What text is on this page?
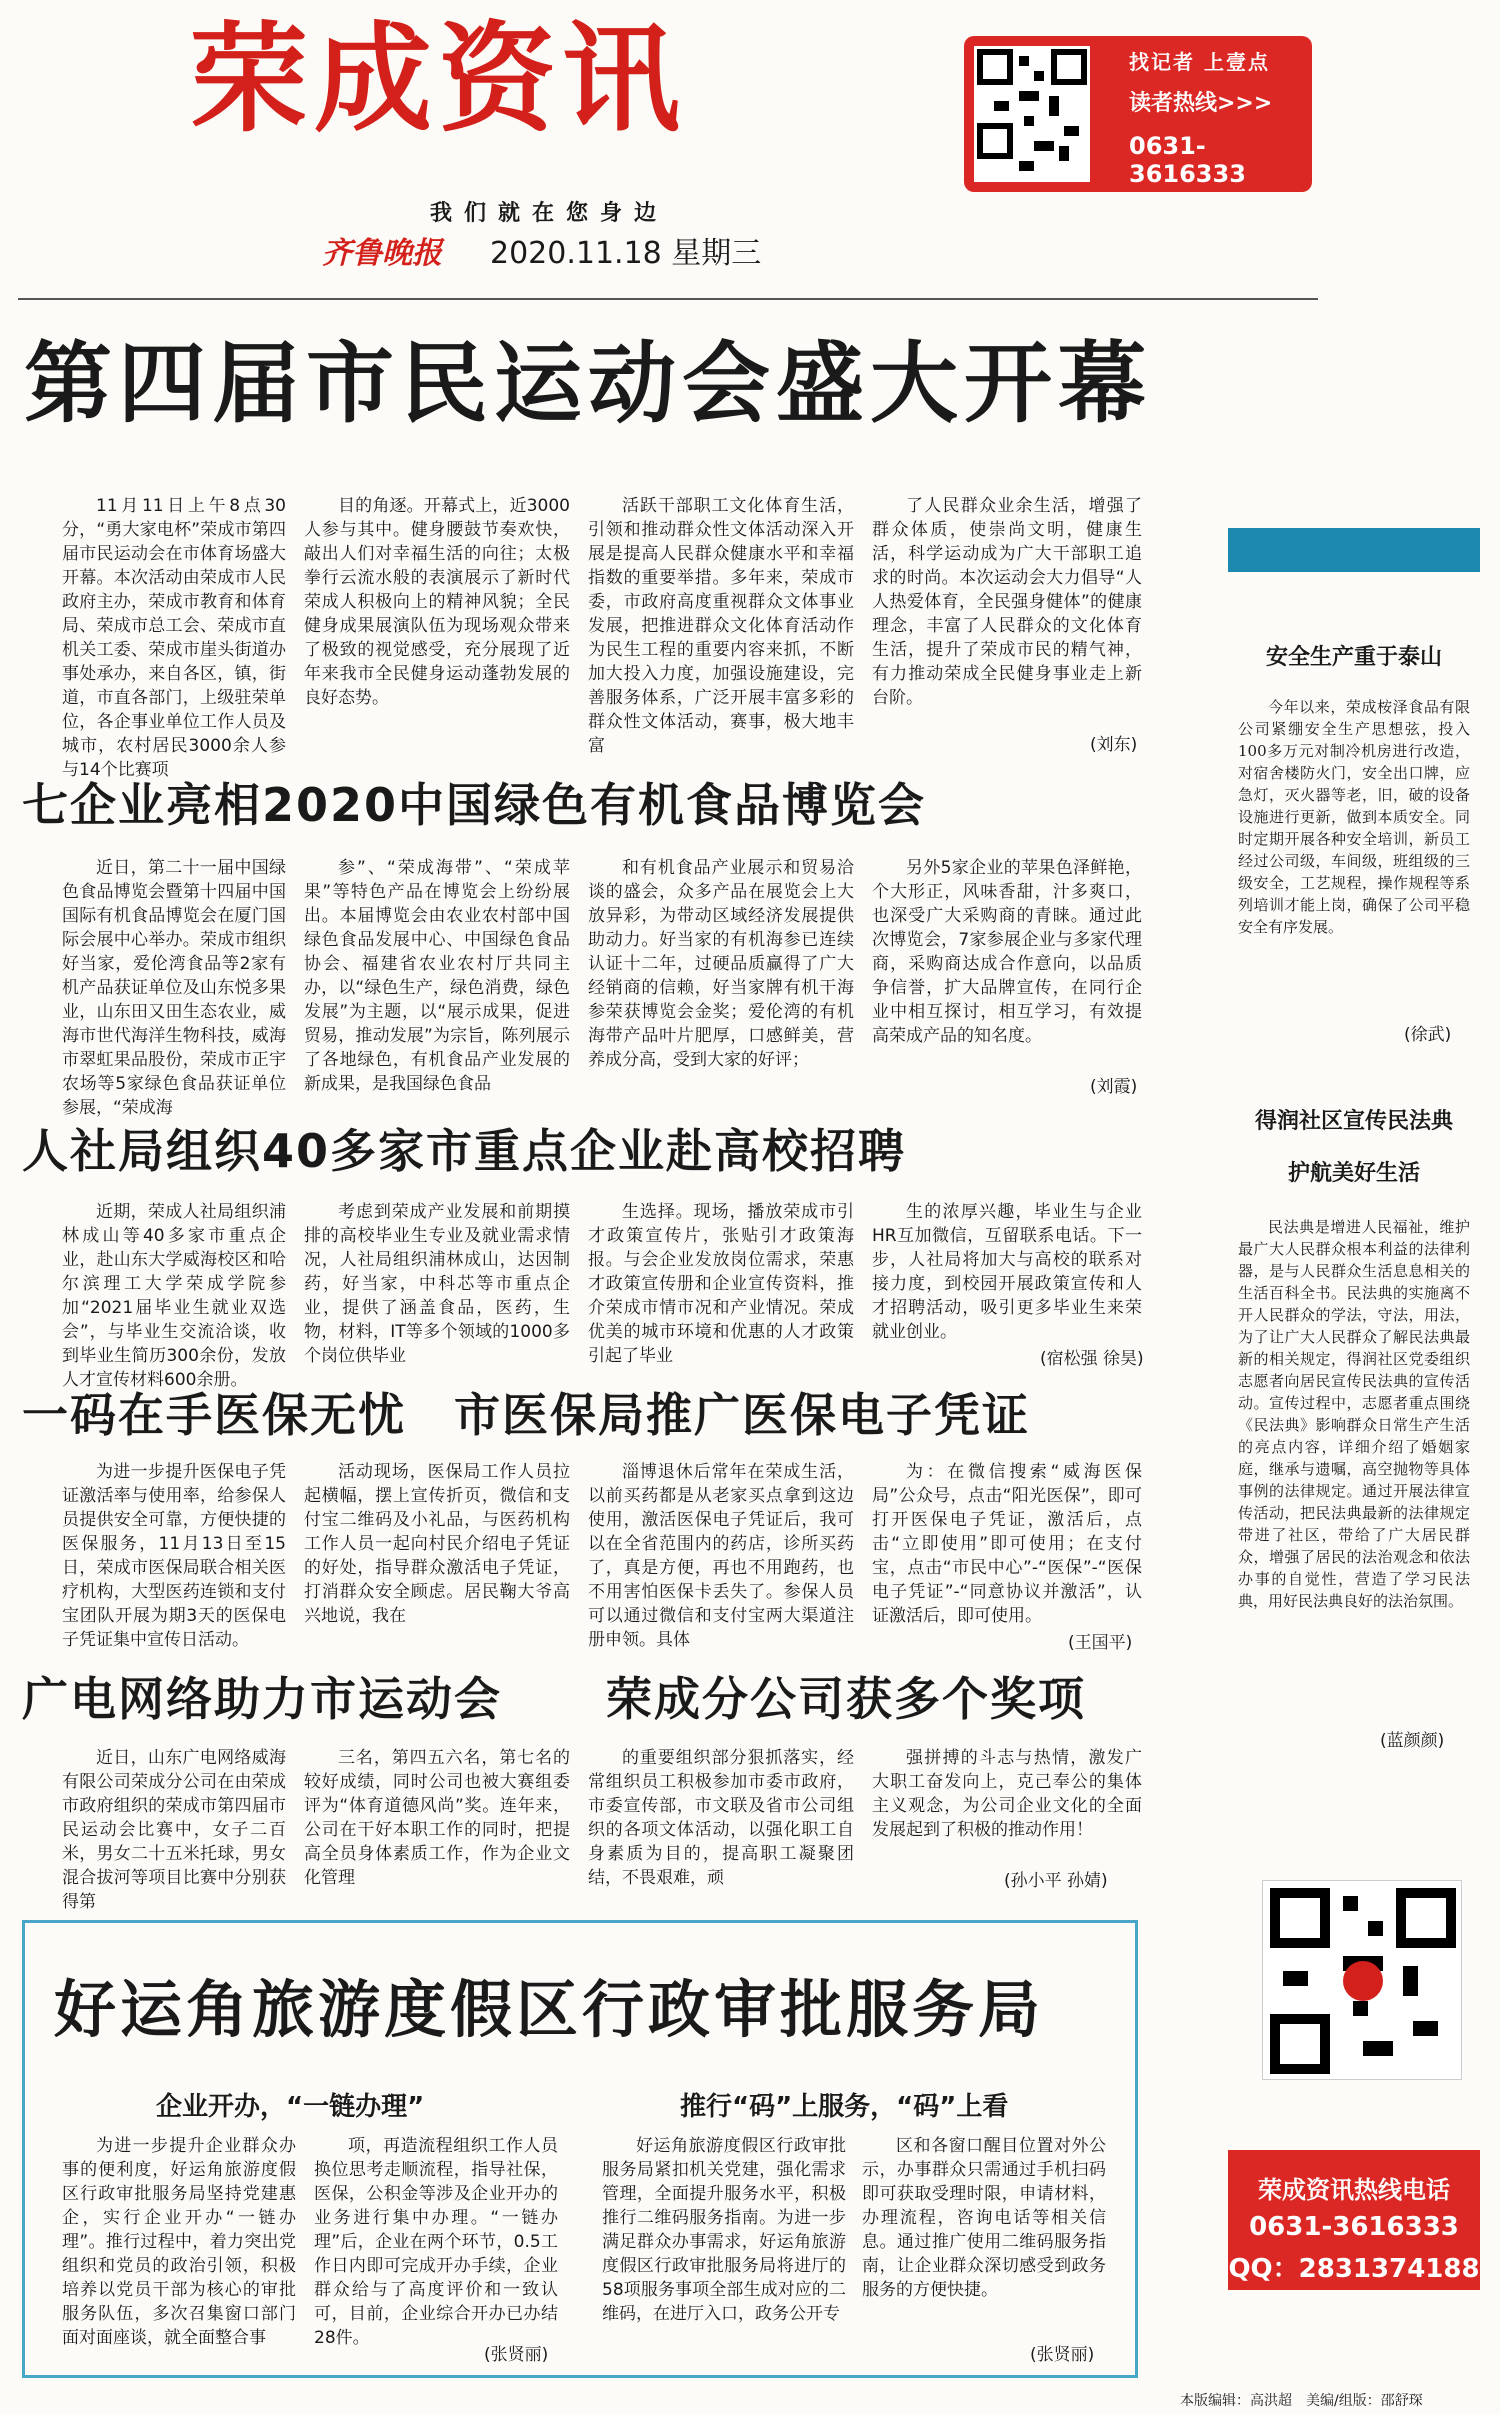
荣成资讯
我们就在您身边
齐鲁晚报 2020.11.18 星期三
找记者 上壹点
读者热线>>>
0631-3616333
第四届市民运动会盛大开幕
11月11日上午8点30分，“勇大家电杯”荣成市第四届市民运动会在市体育场盛大开幕。本次活动由荣成市人民政府主办，荣成市教育和体育局、荣成市总工会、荣成市直机关工委、荣成市崖头街道办事处承办，来自各区，镇，街道，市直各部门，上级驻荣单位，各企事业单位工作人员及城市，农村居民3000余人参与14个比赛项
目的角逐。开幕式上，近3000人参与其中。健身腰鼓节奏欢快，敲出人们对幸福生活的向往；太极拳行云流水般的表演展示了新时代荣成人积极向上的精神风貌；全民健身成果展演队伍为现场观众带来了极致的视觉感受，充分展现了近年来我市全民健身运动蓬勃发展的良好态势。
活跃干部职工文化体育生活，引领和推动群众性文体活动深入开展是提高人民群众健康水平和幸福指数的重要举措。多年来，荣成市委，市政府高度重视群众文体事业发展，把推进群众文化体育活动作为民生工程的重要内容来抓，不断加大投入力度，加强设施建设，完善服务体系，广泛开展丰富多彩的群众性文体活动，赛事，极大地丰富
了人民群众业余生活，增强了群众体质，使崇尚文明，健康生活，科学运动成为广大干部职工追求的时尚。本次运动会大力倡导“人人热爱体育，全民强身健体”的健康理念，丰富了人民群众的文化体育生活，提升了荣成市民的精气神，有力推动荣成全民健身事业走上新台阶。
(刘东)
七企业亮相2020中国绿色有机食品博览会
近日，第二十一届中国绿色食品博览会暨第十四届中国国际有机食品博览会在厦门国际会展中心举办。荣成市组织好当家，爱伦湾食品等2家有机产品获证单位及山东悦多果业，山东田又田生态农业，威海市世代海洋生物科技，威海市翠虹果品股份，荣成市正宇农场等5家绿色食品获证单位参展，“荣成海
参”、“荣成海带”、“荣成苹果”等特色产品在博览会上纷纷展出。本届博览会由农业农村部中国绿色食品发展中心、中国绿色食品协会、福建省农业农村厅共同主办，以“绿色生产，绿色消费，绿色发展”为主题，以“展示成果，促进贸易，推动发展”为宗旨，陈列展示了各地绿色，有机食品产业发展的新成果，是我国绿色食品
和有机食品产业展示和贸易洽谈的盛会，众多产品在展览会上大放异彩，为带动区域经济发展提供助动力。好当家的有机海参已连续认证十二年，过硬品质赢得了广大经销商的信赖，好当家牌有机干海参荣获博览会金奖；爱伦湾的有机海带产品叶片肥厚，口感鲜美，营养成分高，受到大家的好评；
另外5家企业的苹果色泽鲜艳，个大形正，风味香甜，汁多爽口，也深受广大采购商的青睐。通过此次博览会，7家参展企业与多家代理商，采购商达成合作意向，以品质争信誉，扩大品牌宣传，在同行企业中相互探讨，相互学习，有效提高荣成产品的知名度。
(刘霞)
人社局组织40多家市重点企业赴高校招聘
近期，荣成人社局组织浦林成山等40多家市重点企业，赴山东大学威海校区和哈尔滨理工大学荣成学院参加“2021届毕业生就业双选会”，与毕业生交流洽谈，收到毕业生简历300余份，发放人才宣传材料600余册。
考虑到荣成产业发展和前期摸排的高校毕业生专业及就业需求情况，人社局组织浦林成山，达因制药，好当家，中科芯等市重点企业，提供了涵盖食品，医药，生物，材料，IT等多个领域的1000多个岗位供毕业
生选择。现场，播放荣成市引才政策宣传片，张贴引才政策海报。与会企业发放岗位需求，荣惠才政策宣传册和企业宣传资料，推介荣成市情市况和产业情况。荣成优美的城市环境和优惠的人才政策引起了毕业
生的浓厚兴趣，毕业生与企业HR互加微信，互留联系电话。下一步，人社局将加大与高校的联系对接力度，到校园开展政策宣传和人才招聘活动，吸引更多毕业生来荣就业创业。
(宿松强 徐昊)
一码在手医保无忧　市医保局推广医保电子凭证
为进一步提升医保电子凭证激活率与使用率，给参保人员提供安全可靠，方便快捷的医保服务，11月13日至15日，荣成市医保局联合相关医疗机构，大型医药连锁和支付宝团队开展为期3天的医保电子凭证集中宣传日活动。
活动现场，医保局工作人员拉起横幅，摆上宣传折页，微信和支付宝二维码及小礼品，与医药机构工作人员一起向村民介绍电子凭证的好处，指导群众激活电子凭证，打消群众安全顾虑。居民鞠大爷高兴地说，我在
淄博退休后常年在荣成生活，以前买药都是从老家买点拿到这边使用，激活医保电子凭证后，我可以在全省范围内的药店，诊所买药了，真是方便，再也不用跑药，也不用害怕医保卡丢失了。参保人员可以通过微信和支付宝两大渠道注册申领。具体
为：在微信搜索“威海医保局”公众号，点击“阳光医保”，即可打开医保电子凭证，激活后，点击“立即使用”即可使用；在支付宝，点击“市民中心”-“医保”-“医保电子凭证”-“同意协议并激活”，认证激活后，即可使用。
(王国平)
广电网络助力市运动会 荣成分公司获多个奖项
近日，山东广电网络威海有限公司荣成分公司在由荣成市政府组织的荣成市第四届市民运动会比赛中，女子二百米，男女二十五米托球，男女混合拔河等项目比赛中分别获得第
三名，第四五六名，第七名的较好成绩，同时公司也被大赛组委评为“体育道德风尚”奖。连年来，公司在干好本职工作的同时，把提高全员身体素质工作，作为企业文化管理
的重要组织部分狠抓落实，经常组织员工积极参加市委市政府，市委宣传部，市文联及省市公司组织的各项文体活动，以强化职工自身素质为目的，提高职工凝聚团结，不畏艰难，顽
强拼搏的斗志与热情，激发广大职工奋发向上，克己奉公的集体主义观念，为公司企业文化的全面发展起到了积极的推动作用！
(孙小平 孙婧)
好运角旅游度假区行政审批服务局
企业开办，“一链办理”	推行“码”上服务，“码”上看
为进一步提升企业群众办事的便利度，好运角旅游度假区行政审批服务局坚持党建惠企，实行企业开办“一链办理”。推行过程中，着力突出党组织和党员的政治引领，积极培养以党员干部为核心的审批服务队伍，多次召集窗口部门面对面座谈，就全面整合事
项，再造流程组织工作人员换位思考走顺流程，指导社保，医保，公积金等涉及企业开办的业务进行集中办理。“一链办理”后，企业在两个环节，0.5工作日内即可完成开办手续，企业群众给与了高度评价和一致认可，目前，企业综合开办已办结28件。
(张贤丽)
好运角旅游度假区行政审批服务局紧扣机关党建，强化需求管理，全面提升服务水平，积极推行二维码服务指南。为进一步满足群众办事需求，好运角旅游度假区行政审批服务局将进厅的58项服务事项全部生成对应的二维码，在进厅入口，政务公开专
区和各窗口醒目位置对外公示，办事群众只需通过手机扫码即可获取受理时限，申请材料，办理流程，咨询电话等相关信息。通过推广使用二维码服务指南，让企业群众深切感受到政务服务的方便快捷。
(张贤丽)
安全生产重于泰山
今年以来，荣成桉泽食品有限公司紧绷安全生产思想弦，投入100多万元对制冷机房进行改造，对宿舍楼防火门，安全出口牌，应急灯，灭火器等老，旧，破的设备设施进行更新，做到本质安全。同时定期开展各种安全培训，新员工经过公司级，车间级，班组级的三级安全，工艺规程，操作规程等系列培训才能上岗，确保了公司平稳安全有序发展。
(徐武)
得润社区宣传民法典
护航美好生活
民法典是增进人民福祉，维护最广大人民群众根本利益的法律利器，是与人民群众生活息息相关的生活百科全书。民法典的实施离不开人民群众的学法，守法，用法，为了让广大人民群众了解民法典最新的相关规定，得润社区党委组织志愿者向居民宣传民法典的宣传活动。宣传过程中，志愿者重点围绕《民法典》影响群众日常生产生活的亮点内容，详细介绍了婚姻家庭，继承与遗嘱，高空抛物等具体事例的法律规定。通过开展法律宣传活动，把民法典最新的法律规定带进了社区，带给了广大居民群众，增强了居民的法治观念和依法办事的自觉性，营造了学习民法典，用好民法典良好的法治氛围。
(蓝颜颜)
荣成资讯热线电话
0631-3616333
QQ：2831374188
本版编辑：高洪超　美编/组版：邵舒琛
